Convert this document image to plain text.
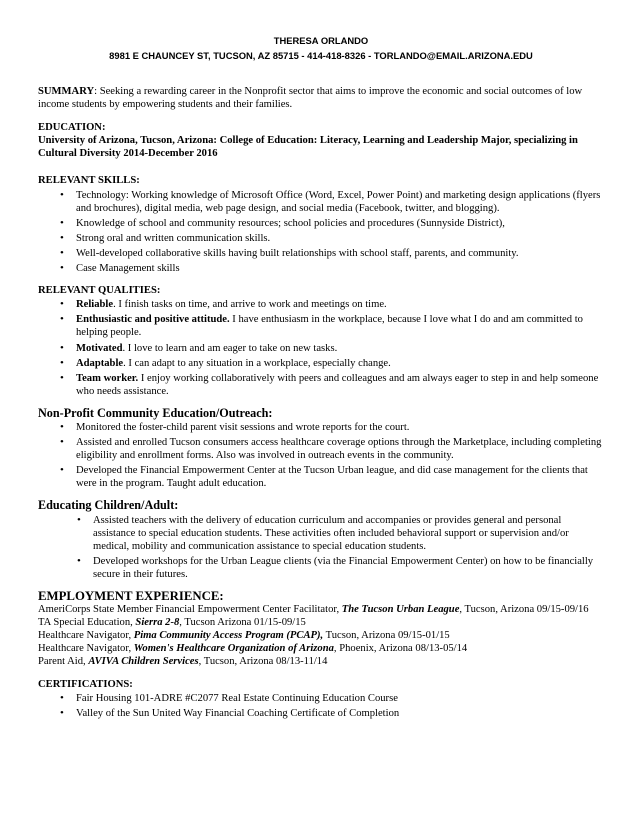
THERESA ORLANDO
8981 E CHAUNCEY ST, TUCSON, AZ 85715 - 414-418-8326 - TORLANDO@EMAIL.ARIZONA.EDU
SUMMARY: Seeking a rewarding career in the Nonprofit sector that aims to improve the economic and social outcomes of low income students by empowering students and their families.
EDUCATION:
University of Arizona, Tucson, Arizona: College of Education: Literacy, Learning and Leadership Major, specializing in Cultural Diversity 2014-December 2016
RELEVANT SKILLS:
• Technology: Working knowledge of Microsoft Office (Word, Excel, Power Point) and marketing design applications (flyers and brochures), digital media, web page design, and social media (Facebook, twitter, and blogging).
• Knowledge of school and community resources; school policies and procedures (Sunnyside District),
• Strong oral and written communication skills.
• Well-developed collaborative skills having built relationships with school staff, parents, and community.
• Case Management skills
RELEVANT QUALITIES:
• Reliable. I finish tasks on time, and arrive to work and meetings on time.
• Enthusiastic and positive attitude. I have enthusiasm in the workplace, because I love what I do and am committed to helping people.
• Motivated. I love to learn and am eager to take on new tasks.
• Adaptable. I can adapt to any situation in a workplace, especially change.
• Team worker. I enjoy working collaboratively with peers and colleagues and am always eager to step in and help someone who needs assistance.
Non-Profit Community Education/Outreach:
• Monitored the foster-child parent visit sessions and wrote reports for the court.
• Assisted and enrolled Tucson consumers access healthcare coverage options through the Marketplace, including completing eligibility and enrollment forms. Also was involved in outreach events in the community.
• Developed the Financial Empowerment Center at the Tucson Urban league, and did case management for the clients that were in the program. Taught adult education.
Educating Children/Adult:
• Assisted teachers with the delivery of education curriculum and accompanies or provides general and personal assistance to special education students. These activities often included behavioral support or supervision and/or medical, mobility and communication assistance to special education students.
• Developed workshops for the Urban League clients (via the Financial Empowerment Center) on how to be financially secure in their futures.
EMPLOYMENT EXPERIENCE:
AmeriCorps State Member Financial Empowerment Center Facilitator, The Tucson Urban League, Tucson, Arizona 09/15-09/16
TA Special Education, Sierra 2-8, Tucson Arizona 01/15-09/15
Healthcare Navigator, Pima Community Access Program (PCAP), Tucson, Arizona 09/15-01/15
Healthcare Navigator, Women's Healthcare Organization of Arizona, Phoenix, Arizona 08/13-05/14
Parent Aid, AVIVA Children Services, Tucson, Arizona 08/13-11/14
CERTIFICATIONS:
• Fair Housing 101-ADRE #C2077 Real Estate Continuing Education Course
• Valley of the Sun United Way Financial Coaching Certificate of Completion
